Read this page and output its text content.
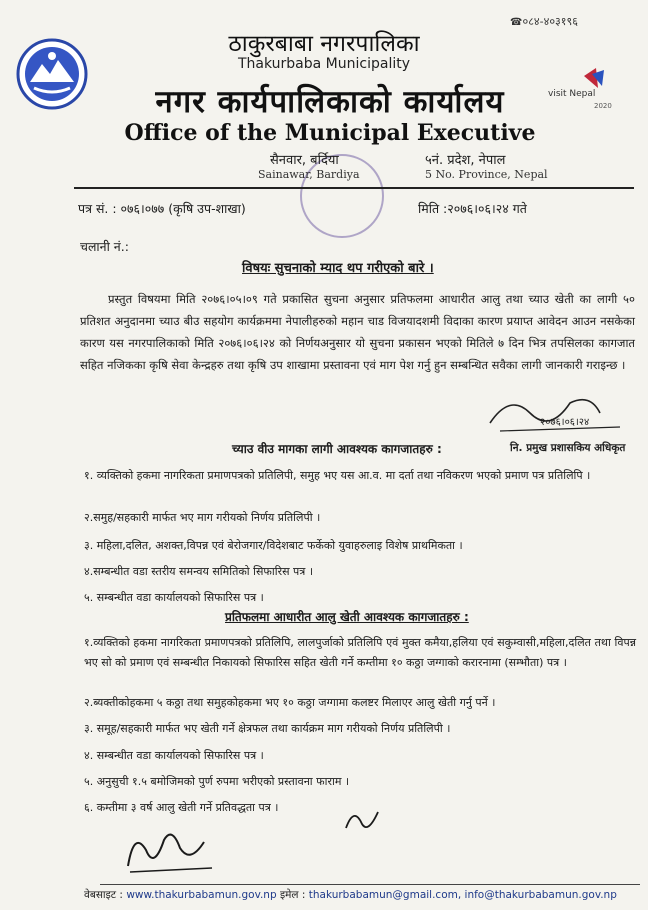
☎ ०८४-४०३१९६
ठाकुरबाबा नगरपालिका
Thakurbaba Municipality
नगर कार्यपालिकाको कार्यालय
Office of the Municipal Executive
visit Nepal
2020
सैनवार, बर्दिया
Sainawar, Bardiya
५नं. प्रदेश, नेपाल
5 No. Province, Nepal
पत्र सं. : ०७६।०७७ (कृषि उप-शाखा)	मिति :२०७६।०६।२४ गते
चलानी नं.:
विषयः सुचनाको म्याद थप गरीएको बारे ।
प्रस्तुत विषयमा मिति २०७६।०५।०९ गते प्रकासित सुचना अनुसार प्रतिफलमा आधारीत आलु तथा च्याउ खेती का लागी ५० प्रतिशत अनुदानमा च्याउ बीउ सहयोग कार्यक्रममा नेपालीहरुको महान चाड विजयादशमी विदाका कारण प्रयाप्त आवेदन आउन नसकेका कारण यस नगरपालिकाको मिति २०७६।०६।२४ को निर्णयअनुसार यो सुचना प्रकासन भएको मितिले ७ दिन भित्र तपसिलका कागजात सहित नजिकका कृषि सेवा केन्द्रहरु तथा कृषि उप शाखामा प्रस्तावना एवं माग पेश गर्नु हुन सम्बन्धित सवैका लागी जानकारी गराइन्छ ।
२०७६।०६।२४
नि. प्रमुख प्रशासकिय अधिकृत
च्याउ वीउ मागका लागी आवश्यक कागजातहरु :
१. व्यक्तिको हकमा नागरिकता प्रमाणपत्रको प्रतिलिपी, समुह भए यस आ.व. मा दर्ता तथा नविकरण भएको प्रमाण पत्र प्रतिलिपि ।
२.समुह/सहकारी मार्फत भए माग गरीयको निर्णय प्रतिलिपी ।
३. महिला,दलित, अशक्त,विपन्न एवं बेरोजगार/विदेशबाट फर्केको युवाहरुलाइ विशेष प्राथमिकता ।
४.सम्बन्धीत वडा स्तरीय समन्वय समितिको सिफारिस पत्र ।
५. सम्बन्धीत वडा कार्यालयको सिफारिस पत्र ।
प्रतिफलमा आधारीत आलु खेती आवश्यक कागजातहरु :
१.व्यक्तिको हकमा नागरिकता प्रमाणपत्रको प्रतिलिपि, लालपुर्जाको प्रतिलिपि एवं मुक्त कमैया,हलिया एवं सकुम्वासी,महिला,दलित तथा विपन्न भए सो को प्रमाण एवं सम्बन्धीत निकायको सिफारिस सहित खेती गर्ने कम्तीमा १० कठ्ठा जग्गाको करारनामा (सम्भौता) पत्र ।
२.ब्यक्तीकोहकमा ५ कठ्ठा तथा समुहकोहकमा भए १० कठ्ठा जग्गामा कलष्टर मिलाएर आलु खेती गर्नु पर्ने ।
३. समूह/सहकारी मार्फत भए खेती गर्ने क्षेत्रफल तथा कार्यक्रम माग गरीयको निर्णय प्रतिलिपी ।
४. सम्बन्धीत वडा कार्यालयको सिफारिस पत्र ।
५. अनुसुची १.५ बमोजिमको पुर्ण रुपमा भरीएको प्रस्तावना फाराम ।
६. कम्तीमा ३ वर्ष आलु खेती गर्ने प्रतिवद्धता पत्र ।
वेबसाइट : www.thakurbabamun.gov.np इमेल : thakurbabamun@gmail.com, info@thakurbabamun.gov.np
